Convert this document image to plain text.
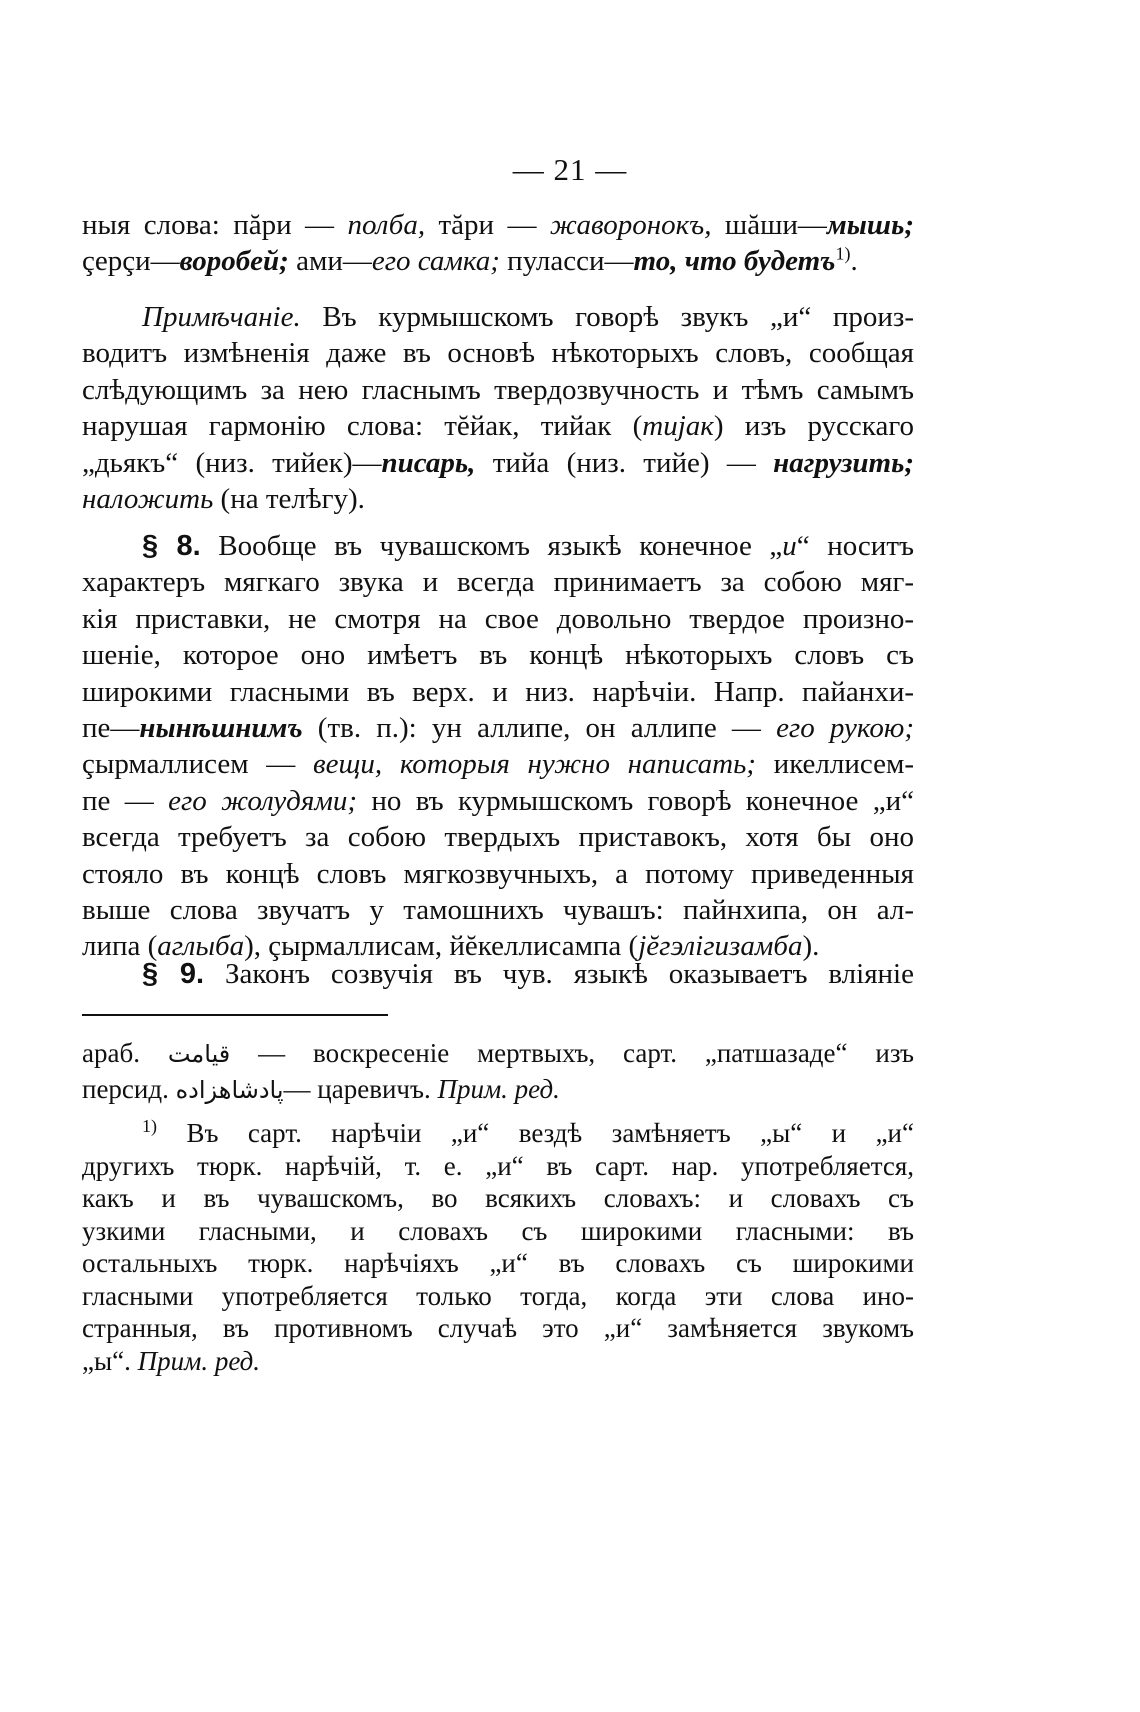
— 21 —
ныя слова: пăри — полба, тăри — жаворонокъ, шăши—мышь;
çерçи—воробей; ами—его самка; пуласси—то, что будетъ$^{1)}$.
Примѣчаніе. Въ курмышскомъ говорѣ звукъ „и“ произ-
водитъ измѣненія даже въ основѣ нѣкоторыхъ словъ, сообщая
слѣдующимъ за нею гласнымъ твердозвучность и тѣмъ самымъ
нарушая гармонію слова: тĕйак, тийак (тијак) изъ русскаго
„дьякъ“ (низ. тийек)—писарь, тийа (низ. тийе) — нагрузить;
наложить (на телѣгу).
§ 8. Вообще въ чувашскомъ языкѣ конечное „и“ носитъ
характеръ мягкаго звука и всегда принимаетъ за собою мяг-
кія приставки, не смотря на свое довольно твердое произно-
шеніе, которое оно имѣетъ въ концѣ нѣкоторыхъ словъ съ
широкими гласными въ верх. и низ. нарѣчіи. Напр. пайанхи-
пе—нынѣшнимъ (тв. п.): ун аллипе, он аллипе — его рукою;
çырмаллисем — вещи, которыя нужно написать; икеллисем-
пе — его жолудями; но въ курмышскомъ говорѣ конечное „и“
всегда требуетъ за собою твердыхъ приставокъ, хотя бы оно
стояло въ концѣ словъ мягкозвучныхъ, а потому приведенныя
выше слова звучатъ у тамошнихъ чувашъ: пайнхипа, он ал-
липа (аглыба), çырмаллисам, йĕкеллисампа (јĕгэлiгизамба).
§ 9. Законъ созвучія въ чув. языкѣ оказываетъ вліяніе
араб. قیامت — воскресеніе мертвыхъ, сарт. „патшазаде“ изъ
персид. پادشاهزاده— царевичъ. Прим. ред.
$^{1)}$ Въ сарт. нарѣчіи „и“ вездѣ замѣняетъ „ы“ и „и“
другихъ тюрк. нарѣчій, т. е. „и“ въ сарт. нар. употребляется,
какъ и въ чувашскомъ, во всякихъ словахъ: и словахъ съ
узкими гласными, и словахъ съ широкими гласными: въ
остальныхъ тюрк. нарѣчіяхъ „и“ въ словахъ съ широкими
гласными употребляется только тогда, когда эти слова ино-
странныя, въ противномъ случаѣ это „и“ замѣняется звукомъ
„ы“. Прим. ред.
